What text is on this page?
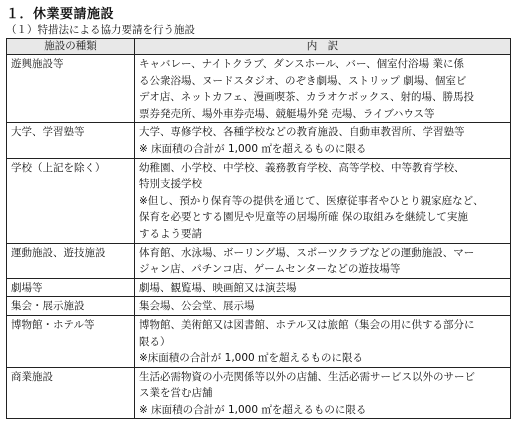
１．休業要請施設
（１）特措法による協力要請を行う施設
施設の種類	内　訳
遊興施設等	キャバレー、ナイトクラブ、ダンスホール、バー、個室付浴場 業に係
る公衆浴場、ヌードスタジオ、のぞき劇場、ストリップ 劇場、個室ビ
デオ店、ネットカフェ、漫画喫茶、カラオケボックス、射的場、勝馬投
票券発売所、場外車券売場、競艇場外発 売場、ライブハウス等

大学、学習塾等	大学、専修学校、各種学校などの教育施設、自動車教習所、学習塾等
※ 床面積の合計が 1,000 ㎡を超えるものに限る

学校（上記を除く）	幼稚園、小学校、中学校、義務教育学校、高等学校、中等教育学校、
特別支援学校
※但し、預かり保育等の提供を通じて、医療従事者やひとり親家庭など、
保育を必要とする園児や児童等の居場所確 保の取組みを継続して実施
するよう要請

運動施設、遊技施設	体育館、水泳場、ボーリング場、スポーツクラブなどの運動施設、マー
ジャン店、パチンコ店、ゲームセンターなどの遊技場等

劇場等	劇場、観覧場、映画館又は演芸場

集会・展示施設	集会場、公会堂、展示場

博物館・ホテル等	博物館、美術館又は図書館、ホテル又は旅館（集会の用に供する部分に
限る）
※床面積の合計が 1,000 ㎡を超えるものに限る

商業施設	生活必需物資の小売関係等以外の店舗、生活必需サービス以外のサービ
ス業を営む店舗
※ 床面積の合計が 1,000 ㎡を超えるものに限る
